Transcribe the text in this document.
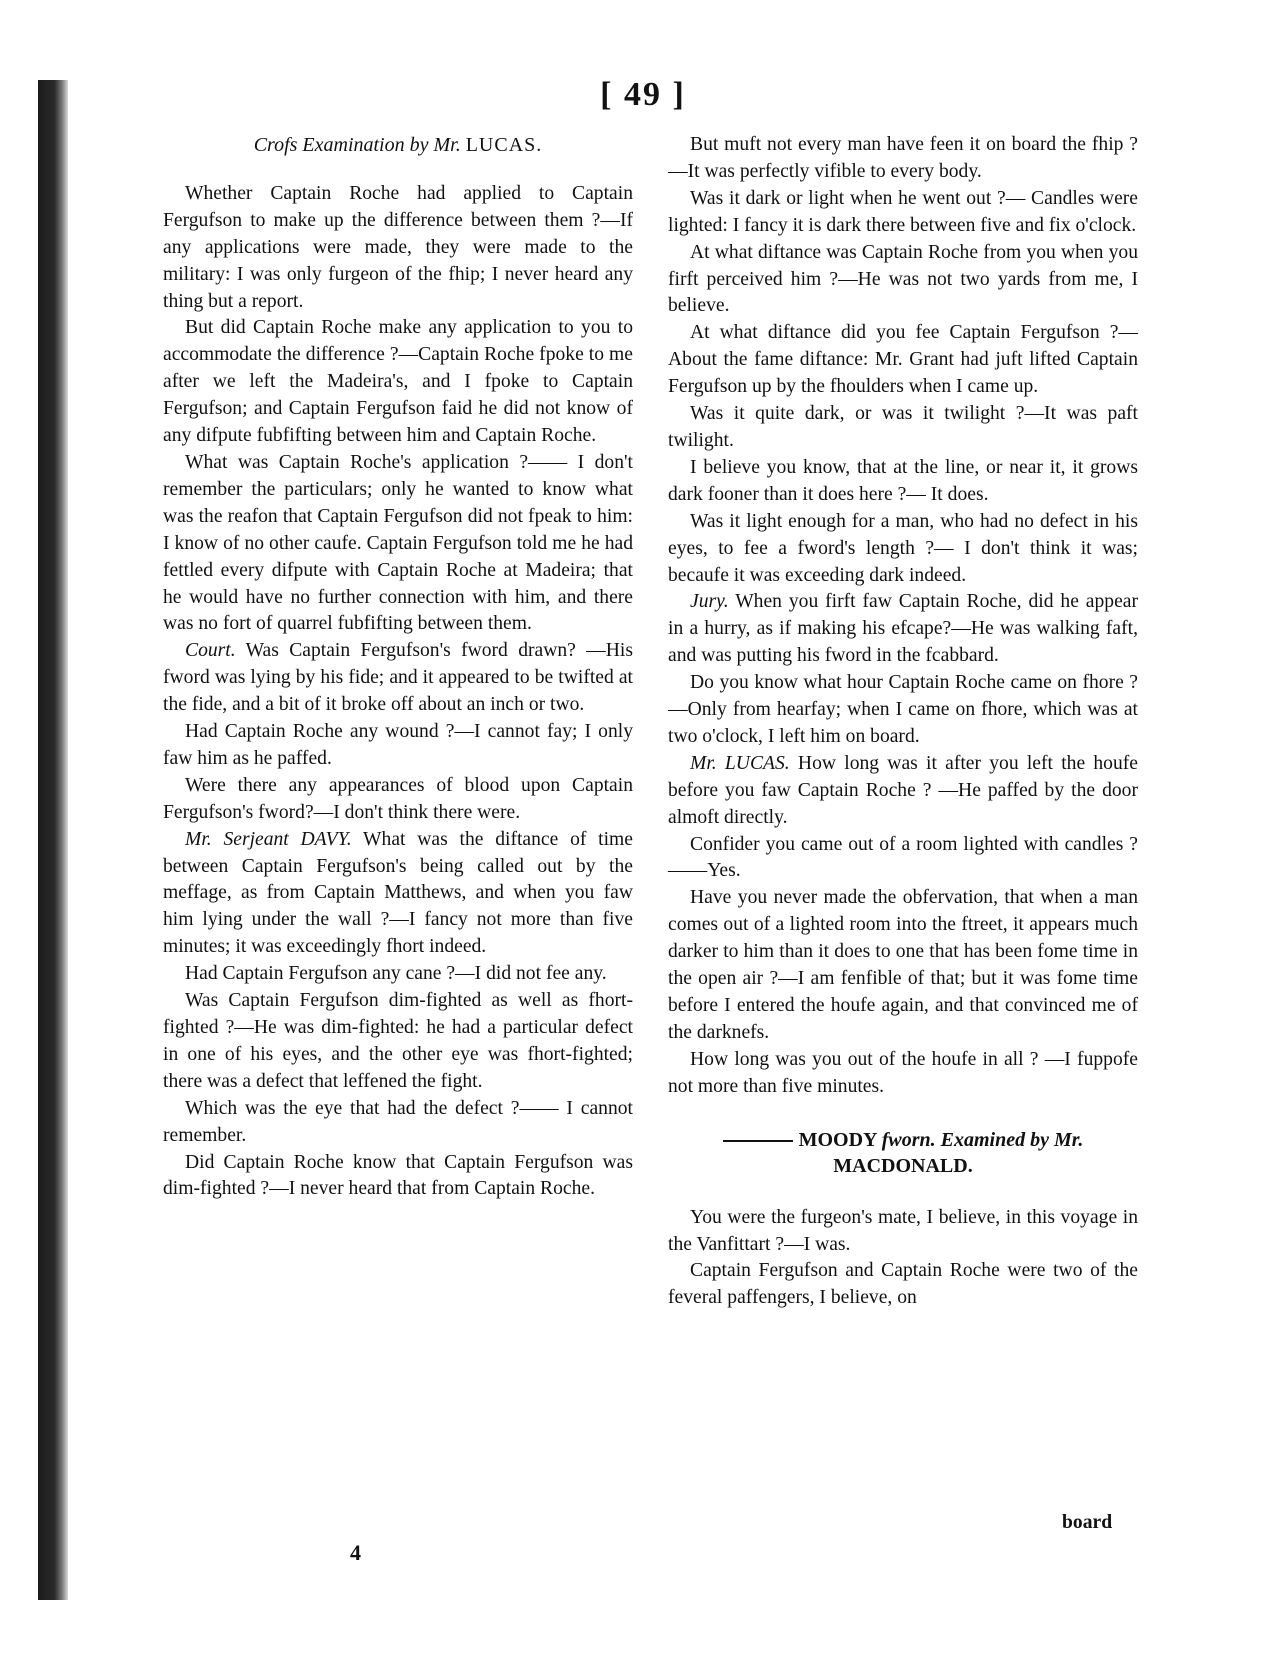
[ 49 ]
Crofs Examination by Mr. LUCAS.

Whether Captain Roche had applied to Captain Fergufson to make up the difference between them ?—If any applications were made, they were made to the military: I was only furgeon of the fhip; I never heard any thing but a report.

But did Captain Roche make any application to you to accommodate the difference ?—Captain Roche fpoke to me after we left the Madeira's, and I fpoke to Captain Fergufson; and Captain Fergufson faid he did not know of any difpute fubfifting between him and Captain Roche.

What was Captain Roche's application ?—— I don't remember the particulars; only he wanted to know what was the reafon that Captain Fergufson did not fpeak to him: I know of no other caufe. Captain Fergufson told me he had fettled every difpute with Captain Roche at Madeira; that he would have no further connection with him, and there was no fort of quarrel fubfifting between them.

Court. Was Captain Fergufson's fword drawn? —His fword was lying by his fide; and it appeared to be twifted at the fide, and a bit of it broke off about an inch or two.

Had Captain Roche any wound ?—I cannot fay; I only faw him as he paffed.

Were there any appearances of blood upon Captain Fergufson's fword?—I don't think there were.

Mr. Serjeant DAVY. What was the diftance of time between Captain Fergufson's being called out by the meffage, as from Captain Matthews, and when you faw him lying under the wall ?—I fancy not more than five minutes; it was exceedingly fhort indeed.

Had Captain Fergufson any cane ?—I did not fee any.

Was Captain Fergufson dim-fighted as well as fhort-fighted ?—He was dim-fighted: he had a particular defect in one of his eyes, and the other eye was fhort-fighted; there was a defect that leffened the fight.

Which was the eye that had the defect ?—— I cannot remember.

Did Captain Roche know that Captain Fergufson was dim-fighted ?—I never heard that from Captain Roche.

But muft not every man have feen it on board the fhip ?—It was perfectly vifible to every body.

Was it dark or light when he went out ?— Candles were lighted: I fancy it is dark there between five and fix o'clock.

At what diftance was Captain Roche from you when you firft perceived him ?—He was not two yards from me, I believe.

At what diftance did you fee Captain Fergufson ?—About the fame diftance: Mr. Grant had juft lifted Captain Fergufson up by the fhoulders when I came up.

Was it quite dark, or was it twilight ?—It was paft twilight.

I believe you know, that at the line, or near it, it grows dark fooner than it does here ?— It does.

Was it light enough for a man, who had no defect in his eyes, to fee a fword's length ?— I don't think it was; becaufe it was exceeding dark indeed.

Jury. When you firft faw Captain Roche, did he appear in a hurry, as if making his efcape?—He was walking faft, and was putting his fword in the fcabbard.

Do you know what hour Captain Roche came on fhore ?—Only from hearfay; when I came on fhore, which was at two o'clock, I left him on board.

Mr. LUCAS. How long was it after you left the houfe before you faw Captain Roche ? —He paffed by the door almoft directly.

Confider you came out of a room lighted with candles ?——Yes.

Have you never made the obfervation, that when a man comes out of a lighted room into the ftreet, it appears much darker to him than it does to one that has been fome time in the open air ?—I am fenfible of that; but it was fome time before I entered the houfe again, and that convinced me of the darknefs.

How long was you out of the houfe in all ? —I fuppofe not more than five minutes.

MOODY fworn. Examined by Mr.
MACDONALD.

You were the furgeon's mate, I believe, in this voyage in the Vanfittart ?—I was.

Captain Fergufson and Captain Roche were two of the feveral paffengers, I believe, on

4
board
